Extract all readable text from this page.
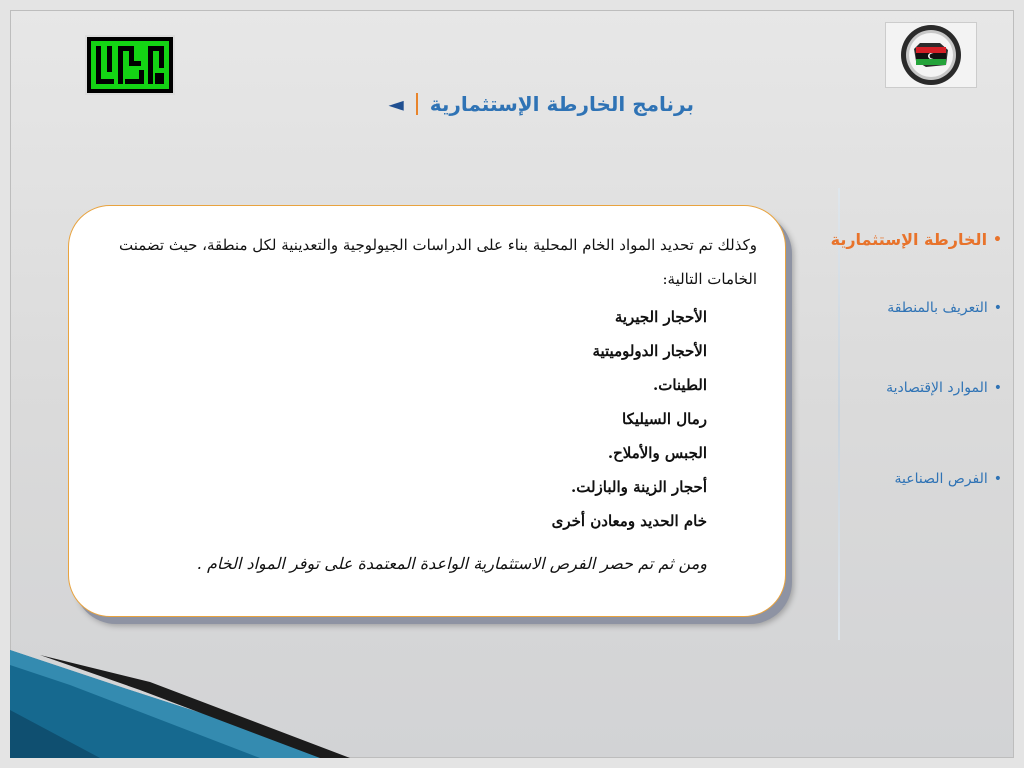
برنامج الخارطة الإستثمارية
◄
•
الخارطة الإستثمارية
•
التعريف بالمنطقة
•
الموارد الإقتصادية
•
الفرص الصناعية

وكذلك تم تحديد المواد الخام المحلية بناء على الدراسات الجيولوجية والتعدينية لكل منطقة، حيث تضمنت الخامات التالية:

الأحجار الجيرية
الأحجار الدولوميتية
الطينات.
رمال السيليكا
الجبس والأملاح.
أحجار الزينة والبازلت.
خام الحديد ومعادن أخرى

ومن ثم تم حصر الفرص الاستثمارية الواعدة المعتمدة على توفر المواد الخام .
